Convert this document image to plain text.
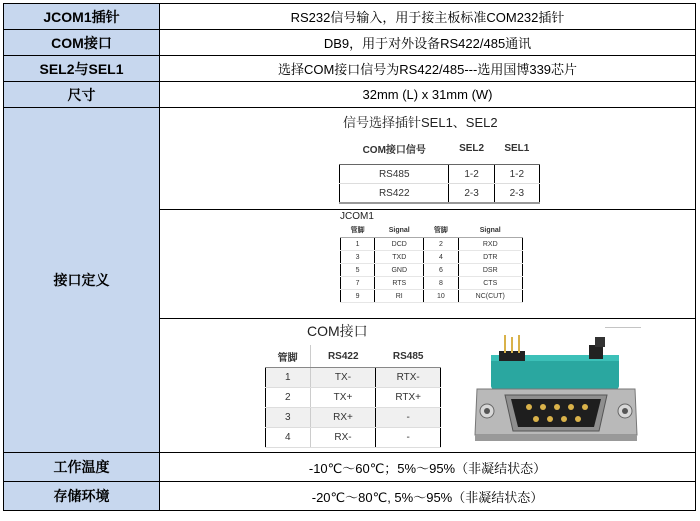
JCOM1插针	RS232信号输入，用于接主板标准COM232插针
COM接口	DB9，用于对外设备RS422/485通讯
SEL2与SEL1	选择COM接口信号为RS422/485---选用国博339芯片
尺寸	32mm (L) x 31mm (W)
接口定义	
信号选择插针SEL1、SEL2
COM接口信号	SEL2	SEL1
RS485	1-2	1-2
RS422	2-3	2-3
JCOM1
管脚	Signal	管脚	Signal
1	DCD	2	RXD
3	TXD	4	DTR
5	GND	6	DSR
7	RTS	8	CTS
9	RI	10	NC(CUT)
COM接口
管脚	RS422	RS485
1	TX-	RTX-
2	TX+	RTX+
3	RX+	-
4	RX-	-

工作温度	-10℃～60℃；5%～95%（非凝结状态）
存储环境	-20℃～80℃, 5%～95%（非凝结状态）
